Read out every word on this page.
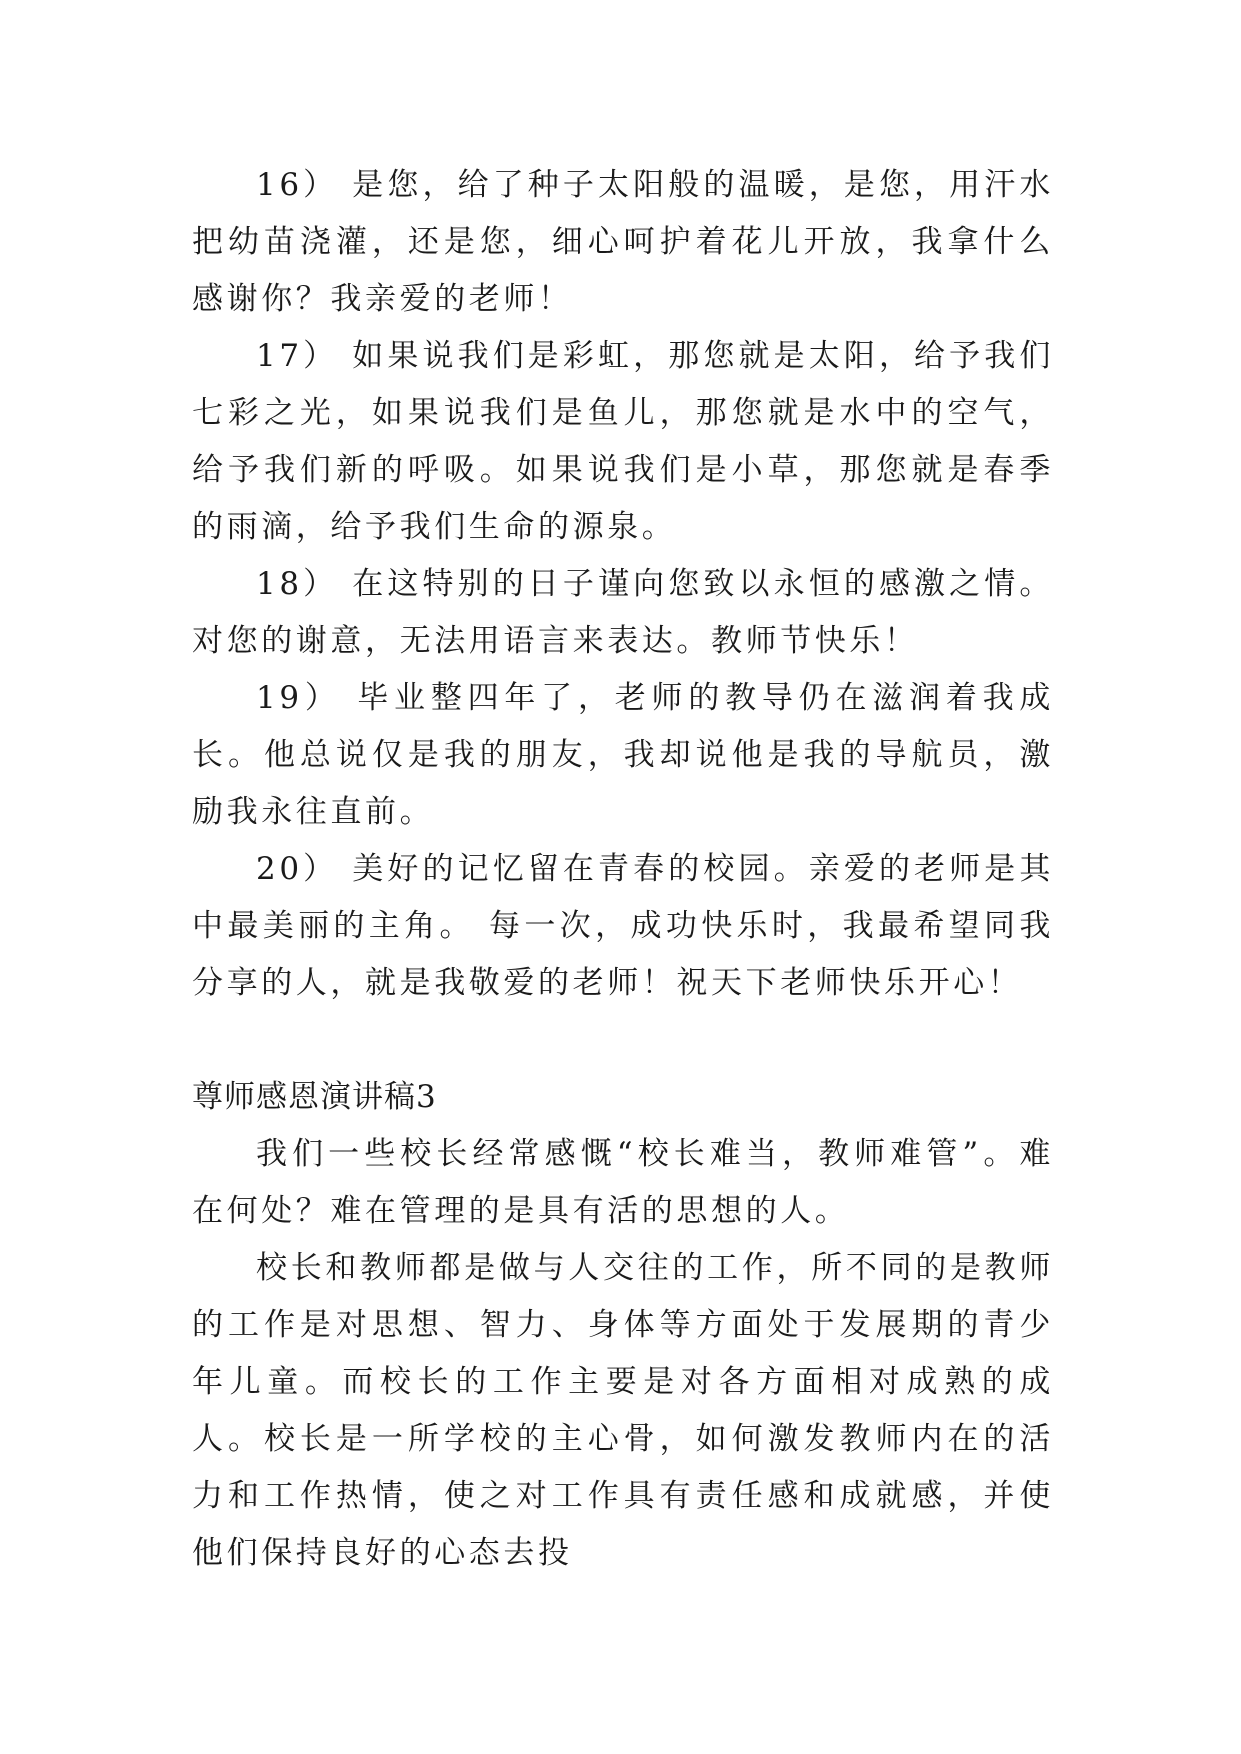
16） 是您，给了种子太阳般的温暖，是您，用汗水把幼苗浇灌，还是您，细心呵护着花儿开放，我拿什么感谢你？我亲爱的老师！

17） 如果说我们是彩虹，那您就是太阳，给予我们七彩之光，如果说我们是鱼儿，那您就是水中的空气，给予我们新的呼吸。如果说我们是小草，那您就是春季的雨滴，给予我们生命的源泉。

18） 在这特别的日子谨向您致以永恒的感激之情。对您的谢意，无法用语言来表达。教师节快乐！

19） 毕业整四年了，老师的教导仍在滋润着我成长。他总说仅是我的朋友，我却说他是我的导航员，激励我永往直前。

20） 美好的记忆留在青春的校园。亲爱的老师是其中最美丽的主角。 每一次，成功快乐时，我最希望同我分享的人，就是我敬爱的老师！祝天下老师快乐开心！

尊师感恩演讲稿3

我们一些校长经常感慨“校长难当，教师难管”。难在何处？难在管理的是具有活的思想的人。

校长和教师都是做与人交往的工作，所不同的是教师的工作是对思想、智力、身体等方面处于发展期的青少年儿童。而校长的工作主要是对各方面相对成熟的成人。校长是一所学校的主心骨，如何激发教师内在的活力和工作热情，使之对工作具有责任感和成就感，并使他们保持良好的心态去投
